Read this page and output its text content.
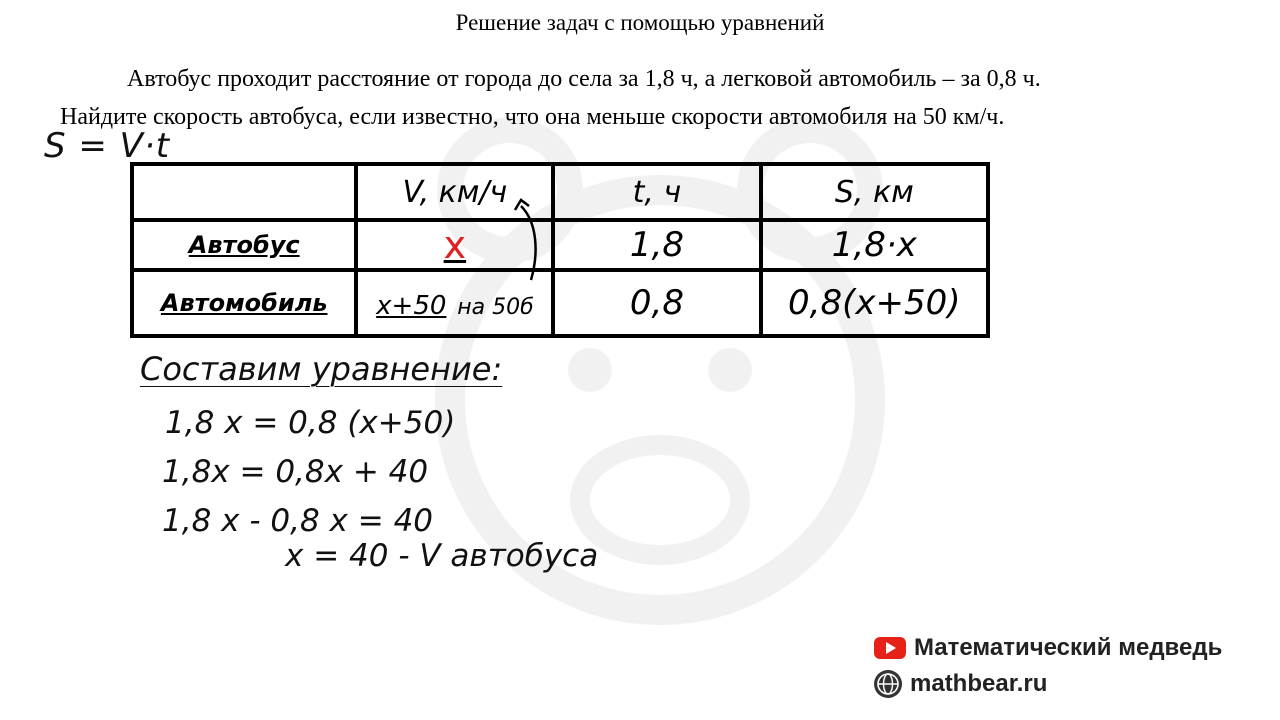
Решение задач с помощью уравнений
Автобус проходит расстояние от города до села за 1,8 ч, а легковой автомобиль – за 0,8 ч.
Найдите скорость автобуса, если известно, что она меньше скорости автомобиля на 50 км/ч.
S = V·t
	V, км/ч	t, ч	S, км
Автобус	x	1,8	1,8·x
Автомобиль	x+50 на 50б	0,8	0,8(x+50)
Составим уравнение:
1,8 x = 0,8 (x+50)
1,8x = 0,8x + 40
1,8 x - 0,8 x = 40
x = 40 - V автобуса
Математический медведь
mathbear.ru
